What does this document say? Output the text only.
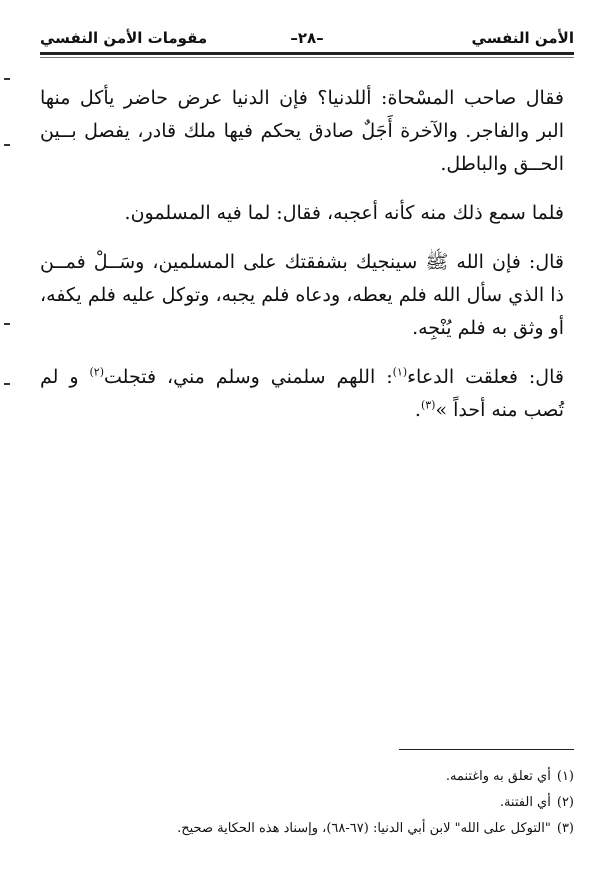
الأمن النفسي
–٢٨–
مقومات الأمن النفسي

فقال صاحب المسْحاة: أللدنيا؟ فإن الدنيا عرض حاضر يأكل منها البر والفاجر. والآخرة أَجَلٌ صادق يحكم فيها ملك قادر، يفصل بــين الحــق والباطل.

فلما سمع ذلك منه كأنه أعجبه، فقال: لما فيه المسلمون.

قال: فإن الله ﷺ سينجيك بشفقتك على المسلمين، وسَــلْ فمــن ذا الذي سأل الله فلم يعطه، ودعاه فلم يجبه، وتوكل عليه فلم يكفه، أو وثق به فلم يُنْجِه.

قال: فعلقت الدعاء$^{(١)}$: اللهم سلمني وسلم مني، فتجلت$^{(٢)}$ و لم تُصب منه أحداً »$^{(٣)}$.

(١)أي تعلق به واغتنمه.

(٢)أي الفتنة.

(٣)"التوكل على الله" لابن أبي الدنيا: (٦٧-٦٨)، وإسناد هذه الحكاية صحيح.
